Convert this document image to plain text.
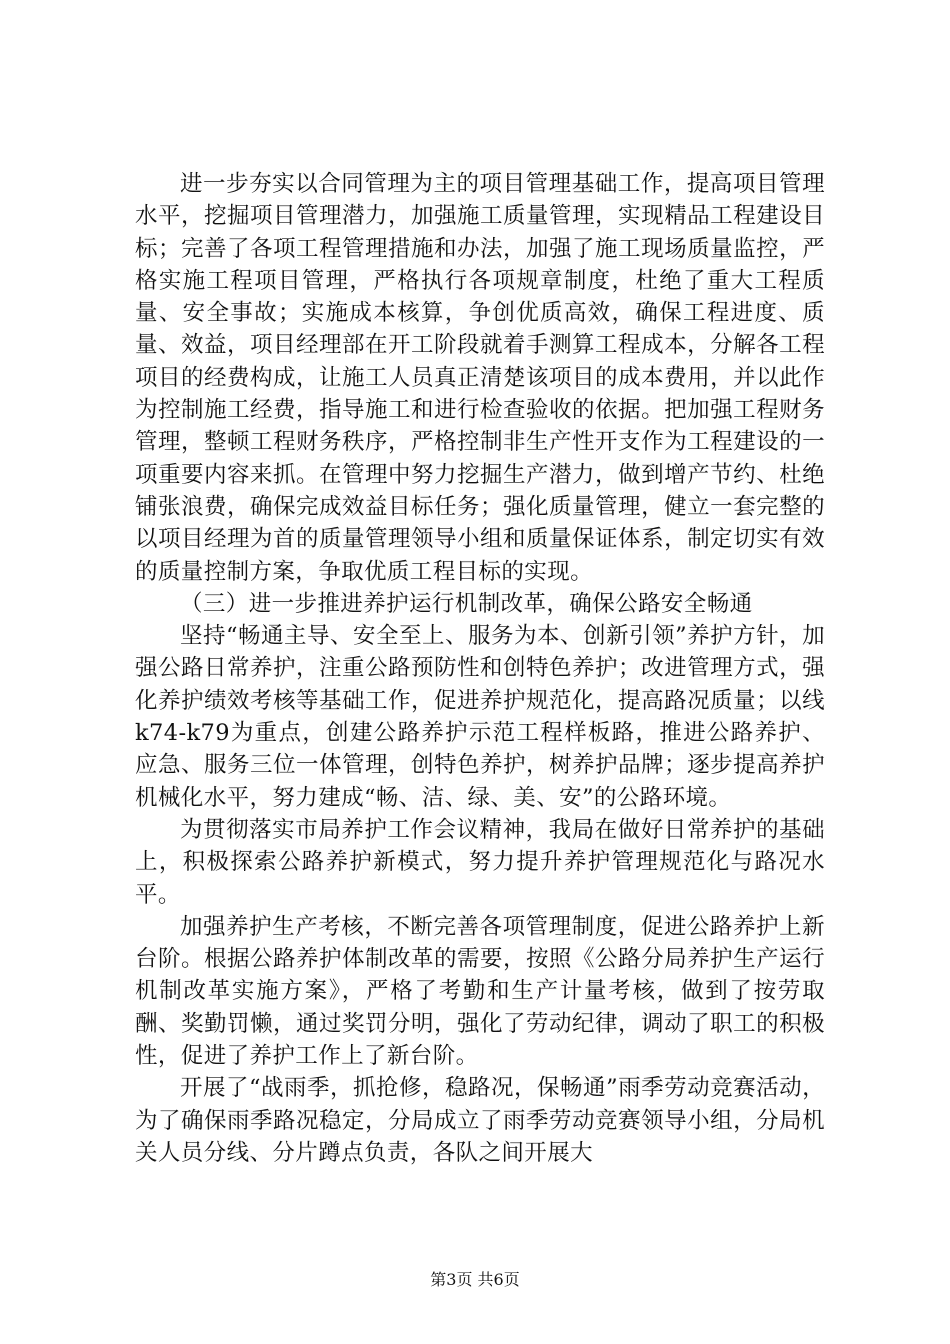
进一步夯实以合同管理为主的项目管理基础工作，提高项目管理水平，挖掘项目管理潜力，加强施工质量管理，实现精品工程建设目标；完善了各项工程管理措施和办法，加强了施工现场质量监控，严格实施工程项目管理，严格执行各项规章制度，杜绝了重大工程质量、安全事故；实施成本核算，争创优质高效，确保工程进度、质量、效益，项目经理部在开工阶段就着手测算工程成本，分解各工程项目的经费构成，让施工人员真正清楚该项目的成本费用，并以此作为控制施工经费，指导施工和进行检查验收的依据。把加强工程财务管理，整顿工程财务秩序，严格控制非生产性开支作为工程建设的一项重要内容来抓。在管理中努力挖掘生产潜力，做到增产节约、杜绝铺张浪费，确保完成效益目标任务；强化质量管理，健立一套完整的以项目经理为首的质量管理领导小组和质量保证体系，制定切实有效的质量控制方案，争取优质工程目标的实现。

（三）进一步推进养护运行机制改革，确保公路安全畅通

坚持“畅通主导、安全至上、服务为本、创新引领”养护方针，加强公路日常养护，注重公路预防性和创特色养护；改进管理方式，强化养护绩效考核等基础工作，促进养护规范化，提高路况质量；以线k74-k79为重点，创建公路养护示范工程样板路，推进公路养护、应急、服务三位一体管理，创特色养护，树养护品牌；逐步提高养护机械化水平，努力建成“畅、洁、绿、美、安”的公路环境。

为贯彻落实市局养护工作会议精神，我局在做好日常养护的基础上，积极探索公路养护新模式，努力提升养护管理规范化与路况水平。

加强养护生产考核，不断完善各项管理制度，促进公路养护上新台阶。根据公路养护体制改革的需要，按照《公路分局养护生产运行机制改革实施方案》，严格了考勤和生产计量考核，做到了按劳取酬、奖勤罚懒，通过奖罚分明，强化了劳动纪律，调动了职工的积极性，促进了养护工作上了新台阶。

开展了“战雨季，抓抢修，稳路况，保畅通”雨季劳动竞赛活动，为了确保雨季路况稳定，分局成立了雨季劳动竞赛领导小组，分局机关人员分线、分片蹲点负责，各队之间开展大

第3页 共6页
